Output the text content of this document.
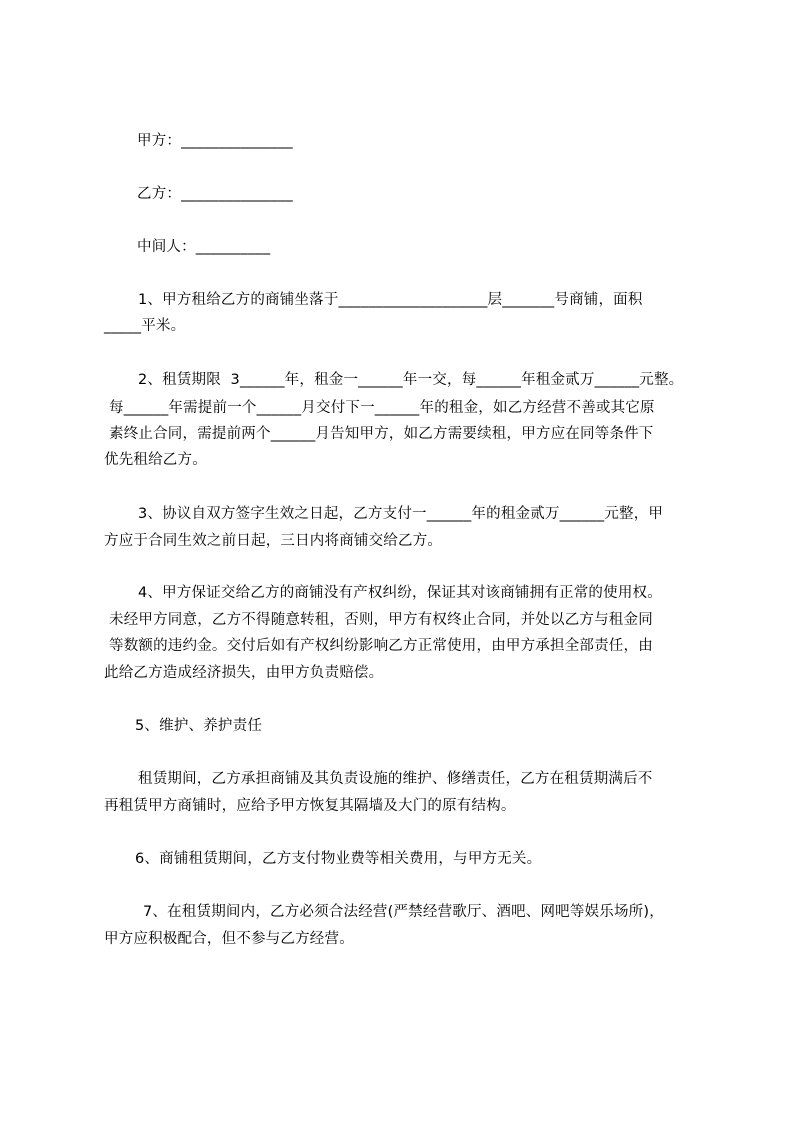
甲方：_______________
乙方：_______________
中间人：__________
1、甲方租给乙方的商铺坐落于____________________层_______号商铺，面积
_____平米。
2、租赁期限  3______年，租金一______年一交，每______年租金贰万______元整。
每______年需提前一个______月交付下一______年的租金，如乙方经营不善或其它原
素终止合同，需提前两个______月告知甲方，如乙方需要续租，甲方应在同等条件下
优先租给乙方。
3、协议自双方签字生效之日起，乙方支付一______年的租金贰万______元整，甲
方应于合同生效之前日起，三日内将商铺交给乙方。
4、甲方保证交给乙方的商铺没有产权纠纷，保证其对该商铺拥有正常的使用权。
未经甲方同意，乙方不得随意转租，否则，甲方有权终止合同，并处以乙方与租金同
等数额的违约金。交付后如有产权纠纷影响乙方正常使用，由甲方承担全部责任，由
此给乙方造成经济损失，由甲方负责赔偿。
5、维护、养护责任
租赁期间，乙方承担商铺及其负责设施的维护、修缮责任，乙方在租赁期满后不
再租赁甲方商铺时，应给予甲方恢复其隔墙及大门的原有结构。
6、商铺租赁期间，乙方支付物业费等相关费用，与甲方无关。
7、在租赁期间内，乙方必须合法经营(严禁经营歌厅、酒吧、网吧等娱乐场所)，
甲方应积极配合，但不参与乙方经营。
